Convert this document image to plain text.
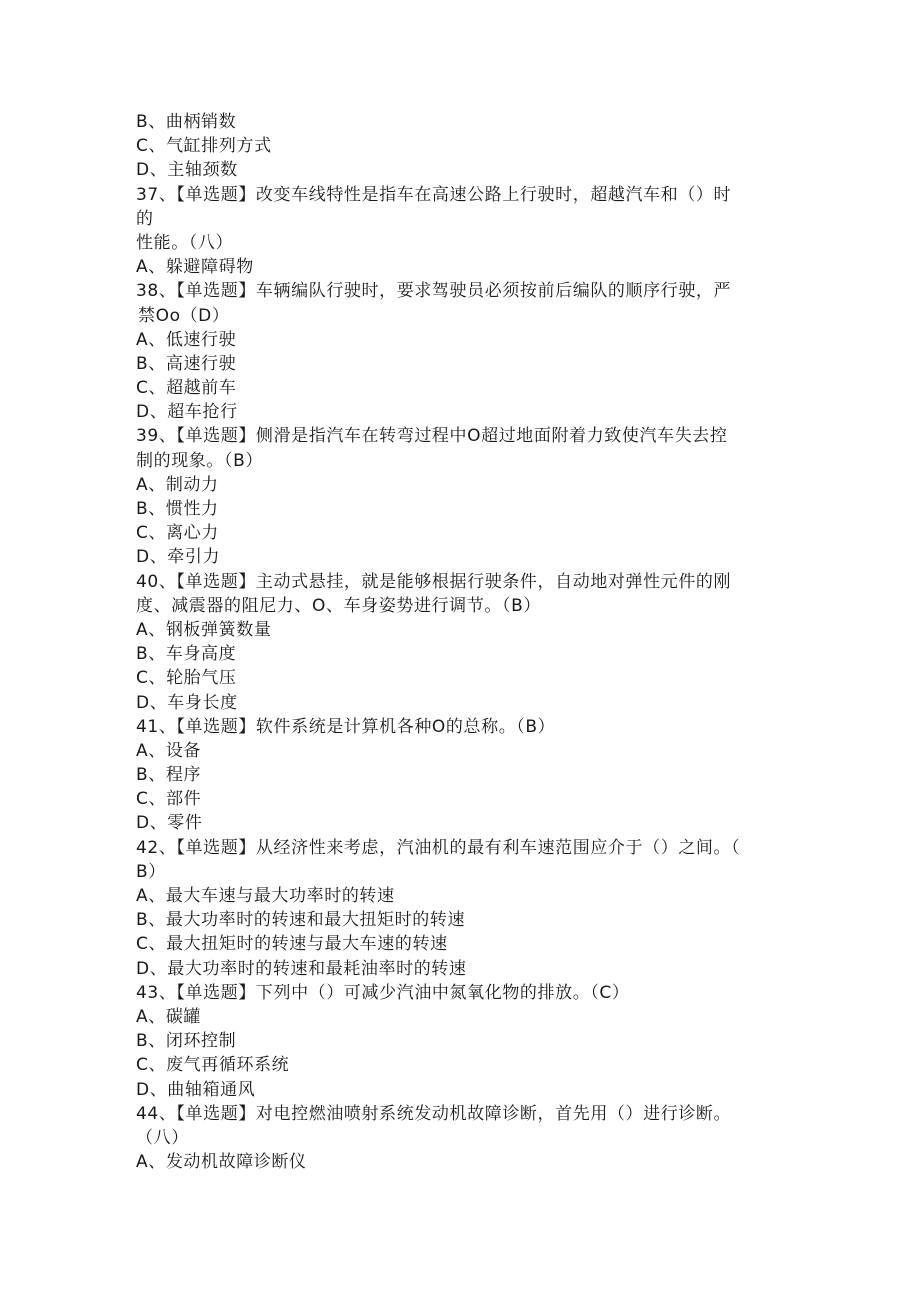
B、曲柄销数
C、气缸排列方式
D、主轴颈数
37、【单选题】改变车线特性是指车在高速公路上行驶时，超越汽车和（）时
的
性能。（八）
A、躲避障碍物
38、【单选题】车辆编队行驶时，要求驾驶员必须按前后编队的顺序行驶，严
禁Oo（D）
A、低速行驶
B、高速行驶
C、超越前车
D、超车抢行
39、【单选题】侧滑是指汽车在转弯过程中O超过地面附着力致使汽车失去控
制的现象。（B）
A、制动力
B、惯性力
C、离心力
D、牵引力
40、【单选题】主动式悬挂，就是能够根据行驶条件，自动地对弹性元件的刚
度、减震器的阻尼力、O、车身姿势进行调节。（B）
A、钢板弹簧数量
B、车身高度
C、轮胎气压
D、车身长度
41、【单选题】软件系统是计算机各种O的总称。（B）
A、设备
B、程序
C、部件
D、零件
42、【单选题】从经济性来考虑，汽油机的最有利车速范围应介于（）之间。（
B）
A、最大车速与最大功率时的转速
B、最大功率时的转速和最大扭矩时的转速
C、最大扭矩时的转速与最大车速的转速
D、最大功率时的转速和最耗油率时的转速
43、【单选题】下列中（）可减少汽油中氮氧化物的排放。（C）
A、碳罐
B、闭环控制
C、废气再循环系统
D、曲轴箱通风
44、【单选题】对电控燃油喷射系统发动机故障诊断，首先用（）进行诊断。
（八）
A、发动机故障诊断仪
